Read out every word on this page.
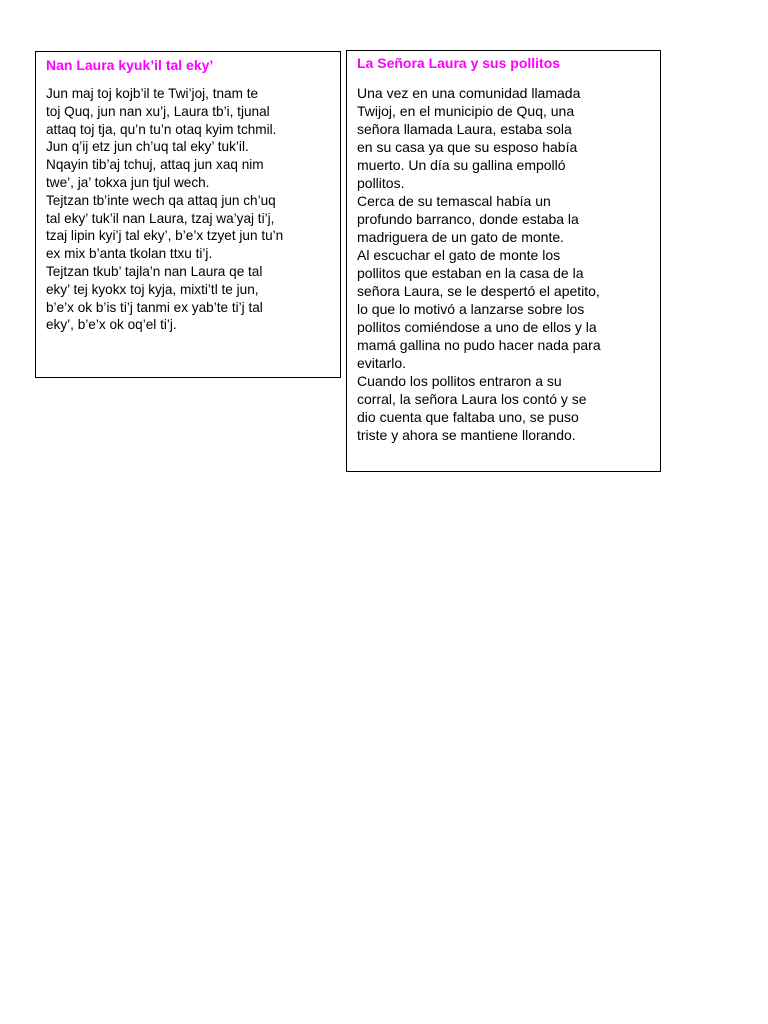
Nan Laura kyuk’il tal eky’
Jun maj toj kojb’il te Twi’joj, tnam te
toj Quq, jun nan xu’j, Laura tb’i, tjunal
attaq toj tja, qu’n tu’n otaq kyim tchmil.
Jun q’ij etz jun ch’uq tal eky’ tuk’il.
Nqayin tib’aj tchuj, attaq jun xaq nim
twe’, ja’ tokxa jun tjul wech.
Tejtzan tb’inte wech qa attaq jun ch’uq
tal eky’ tuk’il nan Laura, tzaj wa’yaj ti’j,
tzaj lipin kyi’j tal eky’, b’e’x tzyet jun tu’n
ex mix b’anta tkolan ttxu ti’j.
Tejtzan tkub’ tajla’n nan Laura qe tal
eky’ tej kyokx toj kyja, mixti’tl te jun,
b’e’x ok b’is ti’j tanmi ex yab’te ti’j tal
eky’, b’e’x ok oq’el ti’j.
La Señora Laura y sus pollitos
Una vez en una comunidad llamada
Twijoj, en el municipio de Quq, una
señora llamada Laura, estaba sola
en su casa ya que su esposo había
muerto. Un día su gallina empolló
pollitos.
Cerca de su temascal había un
profundo barranco, donde estaba la
madriguera de un gato de monte.
Al escuchar el gato de monte los
pollitos que estaban en la casa de la
señora Laura, se le despertó el apetito,
lo que lo motivó a lanzarse sobre los
pollitos comiéndose a uno de ellos y la
mamá gallina no pudo hacer nada para
evitarlo.
Cuando los pollitos entraron a su
corral, la señora Laura los contó y se
dio cuenta que faltaba uno, se puso
triste y ahora se mantiene llorando.
